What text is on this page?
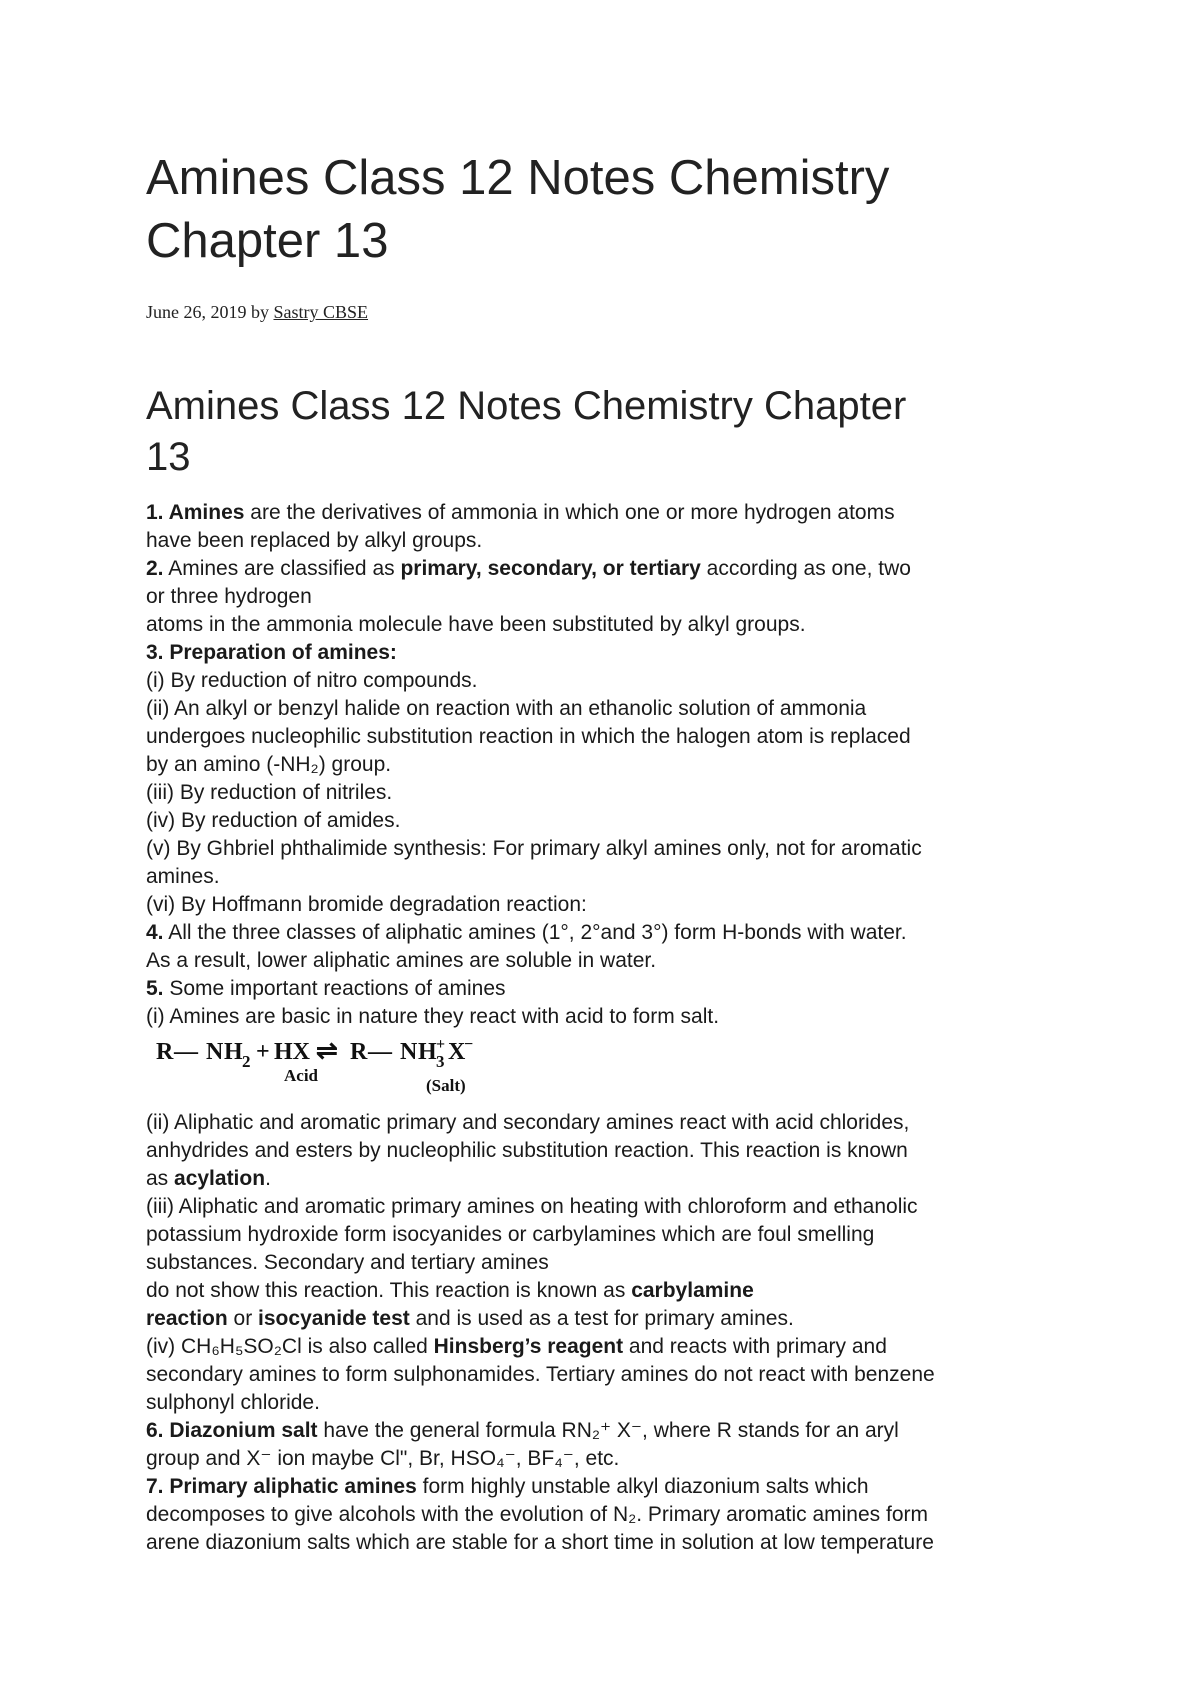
Amines Class 12 Notes Chemistry
Chapter 13
June 26, 2019 by Sastry CBSE
Amines Class 12 Notes Chemistry Chapter
13
1. Amines are the derivatives of ammonia in which one or more hydrogen atoms
have been replaced by alkyl groups.
2. Amines are classified as primary, secondary, or tertiary according as one, two
or three hydrogen
atoms in the ammonia molecule have been substituted by alkyl groups.
3. Preparation of amines:
(i) By reduction of nitro compounds.
(ii) An alkyl or benzyl halide on reaction with an ethanolic solution of ammonia
undergoes nucleophilic substitution reaction in which the halogen atom is replaced
by an amino (-NH₂) group.
(iii) By reduction of nitriles.
(iv) By reduction of amides.
(v) By Ghbriel phthalimide synthesis: For primary alkyl amines only, not for aromatic
amines.
(vi) By Hoffmann bromide degradation reaction:
4. All the three classes of aliphatic amines (1°, 2°and 3°) form H-bonds with water.
As a result, lower aliphatic amines are soluble in water.
5. Some important reactions of amines
(i) Amines are basic in nature they react with acid to form salt.
R — N H 2 + HX ⇌ R — N H +
3 X
−
Acid
(Salt)
(ii) Aliphatic and aromatic primary and secondary amines react with acid chlorides,
anhydrides and esters by nucleophilic substitution reaction. This reaction is known
as acylation.
(iii) Aliphatic and aromatic primary amines on heating with chloroform and ethanolic
potassium hydroxide form isocyanides or carbylamines which are foul smelling
substances. Secondary and tertiary amines
do not show this reaction. This reaction is known as carbylamine
reaction or isocyanide test and is used as a test for primary amines.
(iv) CH₆H₅SO₂Cl is also called Hinsberg’s reagent and reacts with primary and
secondary amines to form sulphonamides. Tertiary amines do not react with benzene
sulphonyl chloride.
6. Diazonium salt have the general formula RN₂⁺ X⁻, where R stands for an aryl
group and X⁻ ion maybe Cl", Br, HSO₄⁻, BF₄⁻, etc.
7. Primary aliphatic amines form highly unstable alkyl diazonium salts which
decomposes to give alcohols with the evolution of N₂. Primary aromatic amines form
arene diazonium salts which are stable for a short time in solution at low temperature
